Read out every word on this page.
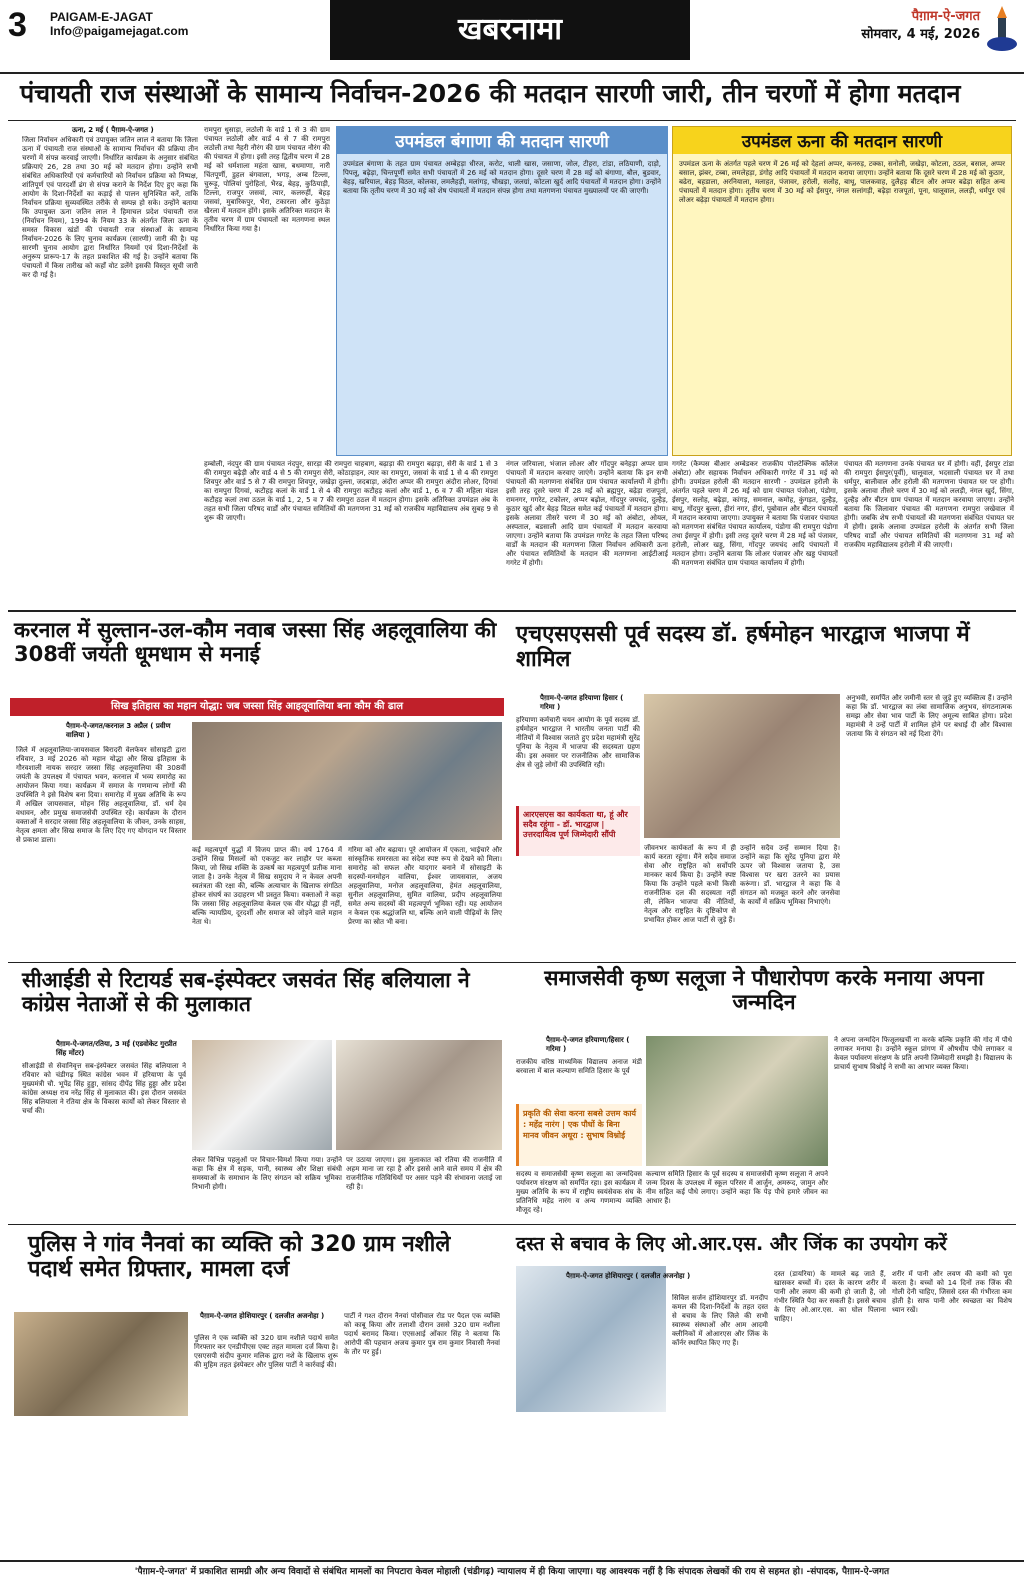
3 PAIGAM-E-JAGAT
Info@paigamejagat.com	खबरनामा	पैग़ाम-ऐ-जगत
सोमवार, 4 मई, 2026
पंचायती राज संस्थाओं के सामान्य निर्वाचन-2026 की मतदान सारणी जारी, तीन चरणों में होगा मतदान
ऊना, 2 मई ( पैग़ाम-ऐ-जगत )
जिला निर्वाचन अधिकारी एवं उपायुक्त जतिन लाल ने बताया कि जिला ऊना में पंचायती राज संस्थाओं के सामान्य निर्वाचन की प्रक्रिया तीन चरणों में संपन्न करवाई जाएगी। निर्धारित कार्यक्रम के अनुसार संबंधित प्रक्रियाएं 26, 28 तथा 30 मई को मतदान होगा। उन्होंने सभी संबंधित अधिकारियों एवं कर्मचारियों को निर्वाचन प्रक्रिया को निष्पक्ष, शांतिपूर्ण एवं पारदर्शी ढंग से संपन्न कराने के निर्देश दिए हुए कहा कि आयोग के दिशा-निर्देशों का कड़ाई से पालन सुनिश्चित करें, ताकि निर्वाचन प्रक्रिया सुव्यवस्थित तरीके से सम्पन्न हो सके। उन्होंने बताया कि उपायुक्त ऊना जतिन लाल ने हिमाचल प्रदेश पंचायती राज (निर्वाचन नियम), 1994 के नियम 33 के अंतर्गत जिला ऊना के समस्त विकास खंडों की पंचायती राज संस्थाओं के सामान्य निर्वाचन-2026 के लिए चुनाव कार्यक्रम (सारणी) जारी की है। यह सारणी चुनाव आयोग द्वारा निर्धारित नियमों एवं दिशा-निर्देशों के अनुरूप प्रारूप-17 के तहत प्रकाशित की गई है। उन्होंने बताया कि पंचायतों में किस तारीख को कहाँ वोट डलेंगे इसकी विस्तृत सूची जारी कर दी गई है।
रामपुरा धुसाड़ा, लठोली के वार्ड 1 से 3 की ग्राम पंचायत लठोली और वार्ड 4 से 7 की रामपुरा लठोली तथा नैहरी नौरंग की ग्राम पंचायत नौरंग की की पंचायत में होगा। इसी तरह द्वितीय चरण में 28 मई को धर्मशाला महंता खास, बधमाणा, नारी चिंतपूर्णी, डुहल बंगवाला, भगड़, अम्ब टिल्ला, चुरूड़ू, पोलियां पुरोहितां, भैरढ, बेहड़, कुठियाड़ी, टिल्ला, राजपुर जसवां, त्यार, कलरुहीं, बेहड़ जसवां, मुबारिकपुर, भैरा, टकारला और कुठेड़ा खैरला में मतदान होंगे। इसके अतिरिक्त मतदान के तृतीय चरण में ग्राम पंचायतों का मतगणना स्थल निर्धारित किया गया है।
उपमंडल बंगाणा की मतदान सारणी
उपमंडल बंगाणा के तहत ग्राम पंचायत अम्बेहड़ा धीरज, करोट, थाली खास, जसाणा, जोल, टीहरा, टांडा, लठियाणी, दाड़ो, पिपलू, बढ़ेड़ा, चिन्तपूर्णी समेत सभी पंचायतों में 26 मई को मतदान होगा। दूसरे चरण में 28 मई को बंगाणा, बौल, बुडवार, बेहड़, खरियाल, बेहड़ विठल, कोलका, लमलैहड़ी, मलांगड़, चौखड़ा, जलग्रां, कोटला खुर्द आदि पंचायतों में मतदान होगा। उन्होंने बताया कि तृतीय चरण में 30 मई को शेष पंचायतों में मतदान संपन्न होगा तथा मतगणना पंचायत मुख्यालयों पर की जाएगी।
उपमंडल ऊना की मतदान सारणी
उपमंडल ऊना के अंतर्गत पहले चरण में 26 मई को देहलां अप्पर, कनरुड़, टक्का, सनोली, जखेड़ा, कोटला, ठठल, बसाल, अप्पर बसाल, झंबर, टब्बा, लमलेहड़ा, डंगोह आदि पंचायतों में मतदान कराया जाएगा। उन्होंने बताया कि दूसरे चरण में 28 मई को कुठार, बढेरा, बहडाला, अरनियाला, मलाहत, पंजावर, हरोली, सलोह, बाथू, पालकवाह, दुलैहड़ बीटन और अप्पर बढेड़ा सहित अन्य पंचायतों में मतदान होगा। तृतीय चरण में 30 मई को ईसपुर, नंगल सलांगड़ी, बढ़ेड़ा राजपूतां, पूना, घालूवाल, ललड़ी, धर्मपुर एवं लोअर बढ़ेड़ा पंचायतों में मतदान होगा।
हम्बोली, नंदपुर की ग्राम पंचायत नंदपुर, सारड़ा की रामपुरा चाहबाग, बढ़ाड़ा की रामपुरा बढ़ाड़ा, सेरी के वार्ड 1 से 3 की रामपुरा बढ़ेड़ी और वार्ड 4 से 5 की रामपुरा सेरी, कोठाड़ाहन, त्यार का रामपुरा, जसवां के वार्ड 1 से 4 की रामपुरा शिवपुर और वार्ड 5 से 7 की रामपुरा शिवपुर, जखेड़ा दुल्ला, जदबाड़ा, अंदौरा अप्पर की रामपुरा अंदौरा लोअर, दिगवां का रामपुरा दिगवां, कटौहड़ कलां के वार्ड 1 से 4 की रामपुरा कटौहड़ कलां और वार्ड 1, 6 व 7 की महिला मंडल कटौहड़ कलां तथा ठठल के वार्ड 1, 2, 5 व 7 की रामपुरा ठठल में मतदान होगा। इसके अतिरिक्त उपमंडल अंब के तहत सभी जिला परिषद वार्डों और पंचायत समितियों की मतगणना 31 मई को राजकीय महाविद्यालय अंब सुबह 9 से शुरू की जाएगी।
नंगल जरियाला, भंजाल लोअर और गोंदपुर बनेहड़ा अप्पर ग्राम पंचायतों में मतदान करवाए जाएंगे। उन्होंने बताया कि इन सभी पंचायतों की मतगणना संबंधित ग्राम पंचायत कार्यालयों में होगी। इसी तरह दूसरे चरण में 28 मई को ब्रह्मपुर, बढ़ेड़ा राजपूतां, रामनगर, गगरेट, टकोलर, अप्पर बढ़ोल, गोंदपुर जयचंद, दुल्हैड़, कुठार खुर्द और बेहड़ विठल समेत कई पंचायतों में मतदान होगा। इसके अलावा तीसरे चरण में 30 मई को अंबोटा, ओयल, अस्पताल, बडसाली आदि ग्राम पंचायतों में मतदान करवाया जाएगा। उन्होंने बताया कि उपमंडल गगरेट के तहत जिला परिषद वार्डों के मतदान की मतगणना जिला निर्वाचन अधिकारी ऊना और पंचायत समितियों के मतदान की मतगणना आईटीआई गगरेट में होगी।
गगरेट (कैम्पस बीआर अम्बेडकर राजकीय पोलटेक्निक कॉलेज अंबोटा) और सहायक निर्वाचन अधिकारी गगरेट में 31 मई को होगी। उपमंडल हरोली की मतदान सारणी - उपमंडल हरोली के अंतर्गत पहले चरण में 26 मई को ग्राम पंचायत पंजोआ, पंडोगा, ईसपुर, सलोह, बढ़ेड़ा, कांगड़, समनाल, कमोह, कुंगड़त, दुल्हैड़, बाथू, गोंदपुर बुल्ला, हीरां नगर, हीरां, पूबोवाल और बीटन पंचायतों में मतदान करवाया जाएगा। उपायुक्त ने बताया कि पंजावर पंचायत को मतगणना संबंधित पंचायत कार्यालय, पंडोगा की रामपुरा पंडोगा तथा ईसपुर में होगी। इसी तरह दूसरे चरण में 28 मई को पंजावर, हरोली, लोअर खड्ड, सिंगा, गोंदपुर जयचंद आदि पंचायतों में मतदान होगा। उन्होंने बताया कि लोअर पंजावर और खड्ड पंचायतों की मतगणना संबंधित ग्राम पंचायत कार्यालय में होगी।
पंचायत की मतगणना उनके पंचायत घर में होगी। वहीं, ईसपुर टांडा की रामपुरा ईसपुर(पूर्वी), घालूवाल, भदसाली पंचायत घर में तथा धर्मपुर, बालीवाल और हरोली की मतगणना पंचायत घर पर होगी। इसके अलावा तीसरे चरण में 30 मई को ललड़ी, नंगल खुर्द, सिंगा, दुल्हैड़ और बीटन ग्राम पंचायत में मतदान करवाया जाएगा। उन्होंने बताया कि जिलावार पंचायत की मतगणना रामपुरा जखेवाल में होगी। जबकि शेष सभी पंचायतों की मतगणना संबंधित पंचायत घर में होगी। इसके अलावा उपमंडल हरोली के अंतर्गत सभी जिला परिषद वार्डों और पंचायत समितियों की मतगणना 31 मई को राजकीय महाविद्यालय हरोली में की जाएगी।
करनाल में सुल्तान-उल-कौम नवाब जस्सा सिंह अहलूवालिया की 308वीं जयंती धूमधाम से मनाई
सिख इतिहास का महान योद्धा: जब जस्सा सिंह आहलूवालिया बना कौम की ढाल
पैग़ाम-ऐ-जगत/करनाल 3 अप्रैल ( प्रवीण वालिया )
जिले में अहलूवालिया-जायसवाल बिरादरी वेलफेयर सोसाइटी द्वारा रविवार, 3 मई 2026 को महान योद्धा और सिख इतिहास के गौरवशाली नायक सरदार जस्सा सिंह अहलूवालिया की 308वीं जयंती के उपलक्ष्य में पंचायत भवन, करनाल में भव्य समारोह का आयोजन किया गया। कार्यक्रम में समाज के गणमान्य लोगों की उपस्थिति ने इसे विशेष बना दिया। समारोह में मुख्य अतिथि के रूप में अखिल जायसवाल, मोहन सिंह अहलूवालिया, डॉ. धर्म देव वधावन, और प्रमुख समाजसेवी उपस्थित रहे। कार्यक्रम के दौरान वक्ताओं ने सरदार जस्सा सिंह अहलूवालिया के जीवन, उनके साहस, नेतृत्व क्षमता और सिख समाज के लिए दिए गए योगदान पर विस्तार से प्रकाश डाला।
कई महत्वपूर्ण युद्धों में विजय प्राप्त की। वर्ष 1764 में उन्होंने सिख मिसलों को एकजुट कर लाहौर पर कब्जा किया, जो सिख शक्ति के उत्कर्ष का महत्वपूर्ण प्रतीक माना जाता है। उनके नेतृत्व में सिख समुदाय ने न केवल अपनी स्वतंत्रता की रक्षा की, बल्कि अत्याचार के खिलाफ संगठित होकर संघर्ष का उदाहरण भी प्रस्तुत किया। वक्ताओं ने कहा कि जस्सा सिंह अहलूवालिया केवल एक वीर योद्धा ही नहीं, बल्कि न्यायप्रिय, दूरदर्शी और समाज को जोड़ने वाले महान नेता थे।
गरिमा को और बढ़ाया। पूरे आयोजन में एकता, भाईचारे और सांस्कृतिक समरसता का संदेश स्पष्ट रूप से देखने को मिला। समारोह को सफल और यादगार बनाने में सोसाइटी के सदस्यों-मनमोहन वालिया, ईश्वर जायसवाल, अजय अहलूवालिया, मनोज अहलूवालिया, हेमंत अहलूवालिया, सुनील अहलूवालिया, सुमित वालिया, प्रदीप अहलूवालिया समेत अन्य सदस्यों की महत्वपूर्ण भूमिका रही। यह आयोजन न केवल एक श्रद्धांजलि था, बल्कि आने वाली पीढ़ियों के लिए प्रेरणा का स्रोत भी बना।
एचएसएससी पूर्व सदस्य डॉ. हर्षमोहन भारद्वाज भाजपा में शामिल
पैग़ाम-ऐ-जगत हरियाणा हिसार ( गरिमा )
हरियाणा कर्मचारी चयन आयोग के पूर्व सदस्य डॉ. हर्षमोहन भारद्वाज ने भारतीय जनता पार्टी की नीतियों में विश्वास जताते हुए प्रदेश महामंत्री सुरेंद्र पूनिया के नेतृत्व में भाजपा की सदस्यता ग्रहण की। इस अवसर पर राजनीतिक और सामाजिक क्षेत्र से जुड़े लोगों की उपस्थिति रही।
आरएसएस का कार्यकता था, हूं और सदैव रहूंगा - डॉ. भारद्वाज | उत्तरदायित्व पूर्ण जिम्मेदारी सौंपी
जीवनभर कार्यकर्ता के रूप में ही कार्य करता रहूंगा। मैंने सदैव समाज सेवा और राष्ट्रहित को सर्वोपरि मानकर कार्य किया है। उन्होंने स्पष्ट किया कि उन्होंने पहले कभी किसी राजनीतिक दल की सदस्यता नहीं ली, लेकिन भाजपा की नीतियों, नेतृत्व और राष्ट्रहित के दृष्टिकोण से प्रभावित होकर आज पार्टी से जुड़े हैं।
उन्होंने सदैव उन्हें सम्मान दिया है। उन्होंने कहा कि सुरेंद्र पूनिया द्वारा मेरे ऊपर जो विश्वास जताया है, उस विश्वास पर खरा उतरने का प्रयास करूंगा। डॉ. भारद्वाज ने कहा कि वे संगठन को मजबूत करने और जनसेवा के कार्यों में सक्रिय भूमिका निभाएंगे।
अनुभवी, समर्पित और जमीनी स्तर से जुड़े हुए व्यक्तित्व हैं। उन्होंने कहा कि डॉ. भारद्वाज का लंबा सामाजिक अनुभव, संगठनात्मक समझ और सेवा भाव पार्टी के लिए अमूल्य साबित होगा। प्रदेश महामंत्री ने उन्हें पार्टी में शामिल होने पर बधाई दी और विश्वास जताया कि वे संगठन को नई दिशा देंगे।
सीआईडी से रिटायर्ड सब-इंस्पेक्टर जसवंत सिंह बलियाला ने कांग्रेस नेताओं से की मुलाकात
पैग़ाम-ऐ-जगत/रतिया, 3 मई (एडवोकेट गुरप्रीत सिंह मोंटर)
सीआईडी से सेवानिवृत्त सब-इंस्पेक्टर जसवंत सिंह बलियाला ने रविवार को चंडीगढ़ स्थित कांग्रेस भवन में हरियाणा के पूर्व मुख्यमंत्री चौ. भूपेंद्र सिंह हुड्डा, सांसद दीपेंद्र सिंह हुड्डा और प्रदेश कांग्रेस अध्यक्ष राव नरेंद्र सिंह से मुलाकात की। इस दौरान जसवंत सिंह बलियाला ने रतिया क्षेत्र के विकास कार्यों को लेकर विस्तार से चर्चा की।
लेकर विभिन्न पहलुओं पर विचार-विमर्श किया गया। उन्होंने कहा कि क्षेत्र में सड़क, पानी, स्वास्थ्य और शिक्षा संबंधी समस्याओं के समाधान के लिए संगठन को सक्रिय भूमिका निभानी होगी।
पर उठाया जाएगा। इस मुलाकात को रतिया की राजनीति में अहम माना जा रहा है और इससे आने वाले समय में क्षेत्र की राजनीतिक गतिविधियों पर असर पड़ने की संभावना जताई जा रही है।
समाजसेवी कृष्ण सलूजा ने पौधारोपण करके मनाया अपना जन्मदिन
पैग़ाम-ऐ-जगत हरियाणा/हिसार ( गरिमा )
राजकीय वरिष्ठ माध्यमिक विद्यालय अनाज मंडी बरवाला में बाल कल्याण समिति हिसार के पूर्व
प्रकृति की सेवा करना सबसे उत्तम कार्य : महेंद्र नारंग | एक पौधों के बिना मानव जीवन अधूरा : सुभाष विश्नोई
सदस्य व समाजसेवी कृष्ण सलूजा का जन्मदिवस पर्यावरण संरक्षण को समर्पित रहा। इस कार्यक्रम में मुख्य अतिथि के रूप में राष्ट्रीय स्वयंसेवक संघ के प्रतिनिधि महेंद्र नारंग व अन्य गणमान्य व्यक्ति मौजूद रहे।
कल्याण समिति हिसार के पूर्व सदस्य व समाजसेवी कृष्ण सलूजा ने अपने जन्म दिवस के उपलक्ष्य में स्कूल परिसर में आर्जुन, अमरूद, जामुन और नीम सहित कई पौधे लगाए। उन्होंने कहा कि पेड़ पौधे हमारे जीवन का आधार हैं।
ने अपना जन्मदिन फिजूलखर्ची ना करके बल्कि प्रकृति की गोद में पौधे लगाकर मनाया है। उन्होंने स्कूल प्रांगण में औषधीय पौधे लगाकर व केवल पर्यावरण संरक्षण के प्रति अपनी जिम्मेदारी समझी है। विद्यालय के प्राचार्य सुभाष विश्नोई ने सभी का आभार व्यक्त किया।
पुलिस ने गांव नैनवां का व्यक्ति को 320 ग्राम नशीले पदार्थ समेत ग्रिफ्तार, मामला दर्ज
पैग़ाम-ऐ-जगत होशियारपुर ( दलजीत अजनोहा )
पुलिस ने एक व्यक्ति को 320 ग्राम नशीले पदार्थ समेत गिरफ्तार कर एनडीपीएस एक्ट तहत मामला दर्ज किया है। एसएसपी संदीप कुमार मलिक द्वारा नशे के खिलाफ शुरू की मुहिम तहत इंस्पेक्टर और पुलिस पार्टी ने कार्रवाई की।
पार्टी ने गश्त दौरान नैनवां पोसीवाल रोड पर पैदल एक व्यक्ति को काबू किया और तलाशी दौरान उससे 320 ग्राम नशीला पदार्थ बरामद किया। एएसआई ओंकार सिंह ने बताया कि आरोपी की पहचान अजय कुमार पुत्र राम कुमार निवासी नैनवां के तौर पर हुई।
दस्त से बचाव के लिए ओ.आर.एस. और जिंक का उपयोग करें
पैग़ाम-ऐ-जगत होशियारपुर ( दलजीत अजनोहा )
सिविल सर्जन होशियारपुर डॉ. मनदीप कमल की दिशा-निर्देशों के तहत दस्त से बचाव के लिए जिले की सभी स्वास्थ्य संस्थाओं और आम आदमी क्लीनिकों में ओआरएस और जिंक के कॉर्नर स्थापित किए गए हैं।
दस्त (डायरिया) के मामले बढ़ जाते हैं, खासकर बच्चों में। दस्त के कारण शरीर में पानी और लवण की कमी हो जाती है, जो गंभीर स्थिति पैदा कर सकती है। इससे बचाव के लिए ओ.आर.एस. का घोल पिलाना चाहिए।
शरीर में पानी और लवण की कमी को पूरा करता है। बच्चों को 14 दिनों तक जिंक की गोली देनी चाहिए, जिससे दस्त की गंभीरता कम होती है। साफ पानी और स्वच्छता का विशेष ध्यान रखें।
'पैग़ाम-ऐ-जगत' में प्रकाशित सामग्री और अन्य विवादों से संबंधित मामलों का निपटारा केवल मोहाली (चंडीगढ़) न्यायालय में ही किया जाएगा। यह आवश्यक नहीं है कि संपादक लेखकों की राय से सहमत हो। -संपादक, पैग़ाम-ऐ-जगत
